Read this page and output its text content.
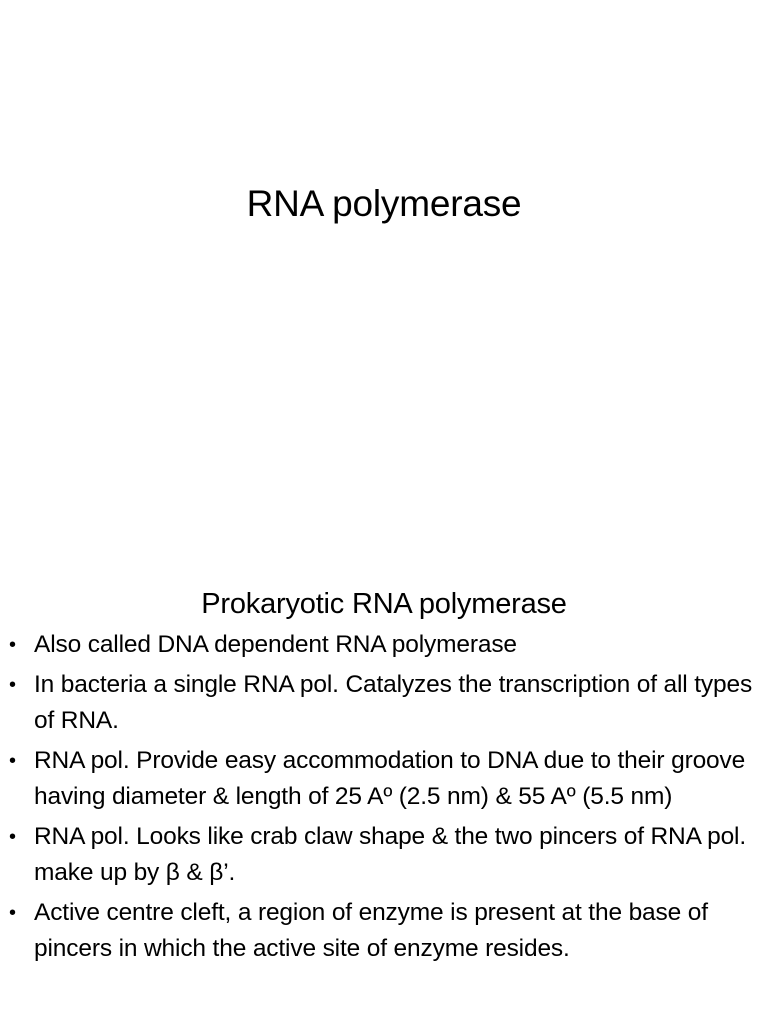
RNA polymerase
Prokaryotic RNA polymerase
• Also called DNA dependent RNA polymerase
• In bacteria a single RNA pol. Catalyzes the transcription of all types of RNA.
• RNA pol. Provide easy accommodation to DNA due to their groove having diameter & length of 25 Aº (2.5 nm) & 55 Aº (5.5 nm)
• RNA pol. Looks like crab claw shape & the two pincers of RNA pol. make up by β & β’.
• Active centre cleft, a region of enzyme is present at the base of pincers in which the active site of enzyme resides.
